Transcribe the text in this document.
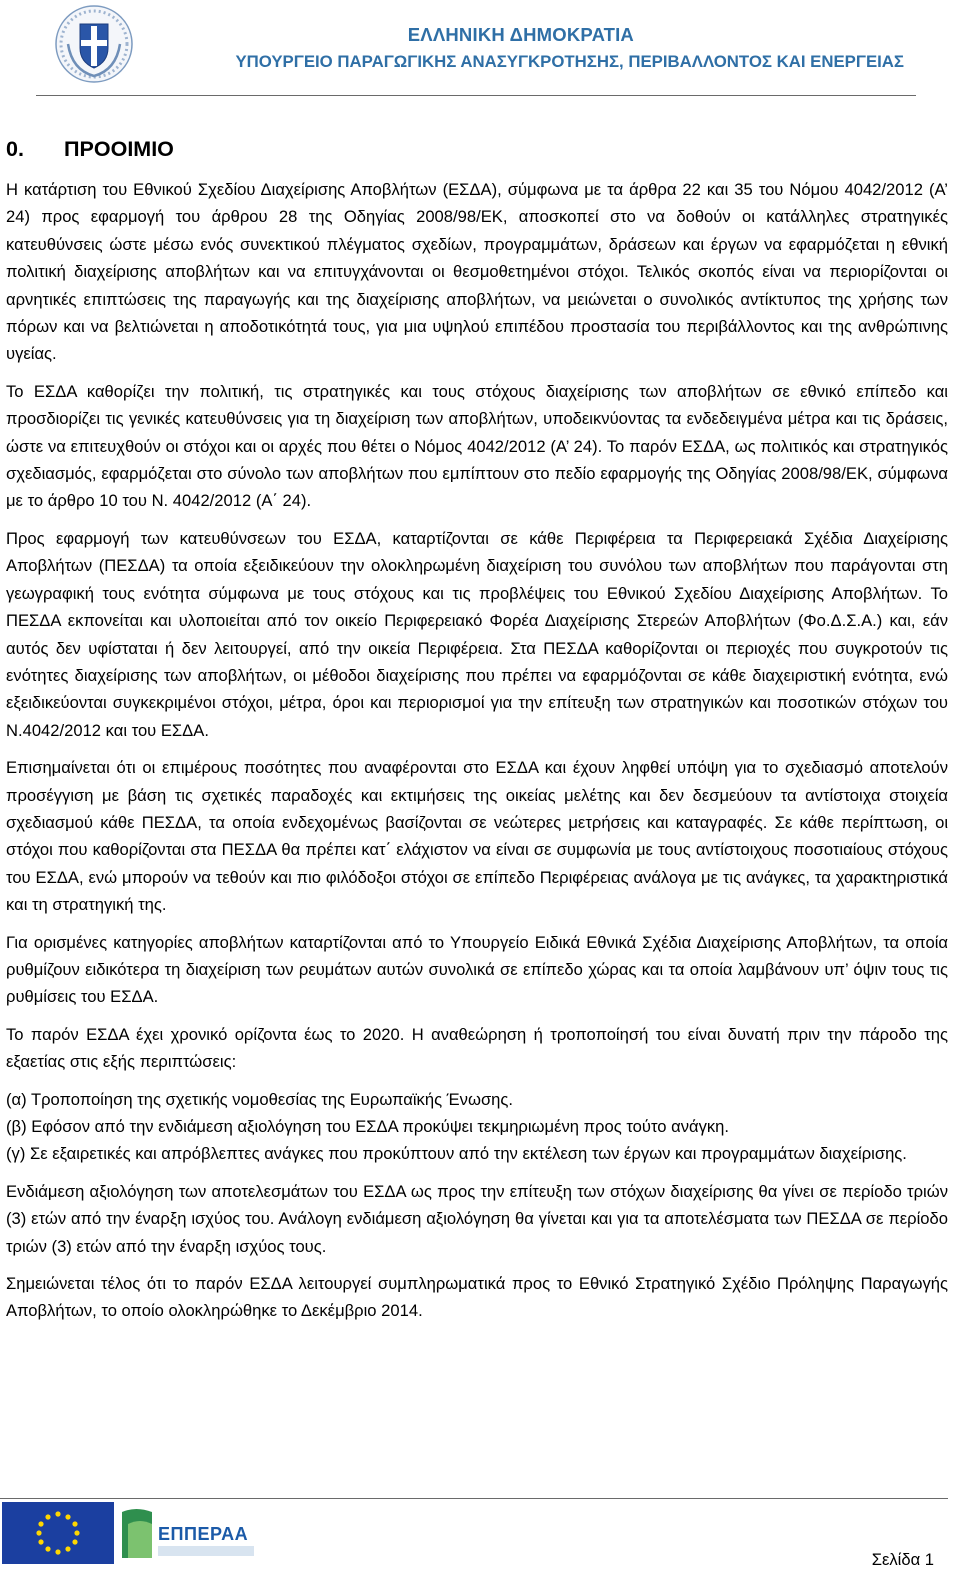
ΕΛΛΗΝΙΚΗ ΔΗΜΟΚΡΑΤΙΑ
ΥΠΟΥΡΓΕΙΟ ΠΑΡΑΓΩΓΙΚΗΣ ΑΝΑΣΥΓΚΡΟΤΗΣΗΣ, ΠΕΡΙΒΑΛΛΟΝΤΟΣ ΚΑΙ ΕΝΕΡΓΕΙΑΣ
0. ΠΡΟΟΙΜΙΟ

Η κατάρτιση του Εθνικού Σχεδίου Διαχείρισης Αποβλήτων (ΕΣΔΑ), σύμφωνα με τα άρθρα 22 και 35 του Νόμου 4042/2012 (Α’ 24) προς εφαρμογή του άρθρου 28 της Οδηγίας 2008/98/ΕΚ, αποσκοπεί στο να δοθούν οι κατάλληλες στρατηγικές κατευθύνσεις ώστε μέσω ενός συνεκτικού πλέγματος σχεδίων, προγραμμάτων, δράσεων και έργων να εφαρμόζεται η εθνική πολιτική διαχείρισης αποβλήτων και να επιτυγχάνονται οι θεσμοθετημένοι στόχοι. Τελικός σκοπός είναι να περιορίζονται οι αρνητικές επιπτώσεις της παραγωγής και της διαχείρισης αποβλήτων, να μειώνεται ο συνολικός αντίκτυπος της χρήσης των πόρων και να βελτιώνεται η αποδοτικότητά τους, για μια υψηλού επιπέδου προστασία του περιβάλλοντος και της ανθρώπινης υγείας.

Το ΕΣΔΑ καθορίζει την πολιτική, τις στρατηγικές και τους στόχους διαχείρισης των αποβλήτων σε εθνικό επίπεδο και προσδιορίζει τις γενικές κατευθύνσεις για τη διαχείριση των αποβλήτων, υποδεικνύοντας τα ενδεδειγμένα μέτρα και τις δράσεις, ώστε να επιτευχθούν οι στόχοι και οι αρχές που θέτει ο Νόμος 4042/2012 (Α’ 24). Το παρόν ΕΣΔΑ, ως πολιτικός και στρατηγικός σχεδιασμός, εφαρμόζεται στο σύνολο των αποβλήτων που εμπίπτουν στο πεδίο εφαρμογής της Οδηγίας 2008/98/ΕΚ, σύμφωνα με το άρθρο 10 του Ν. 4042/2012 (Α΄ 24).

Προς εφαρμογή των κατευθύνσεων του ΕΣΔΑ, καταρτίζονται σε κάθε Περιφέρεια τα Περιφερειακά Σχέδια Διαχείρισης Αποβλήτων (ΠΕΣΔΑ) τα οποία εξειδικεύουν την ολοκληρωμένη διαχείριση του συνόλου των αποβλήτων που παράγονται στη γεωγραφική τους ενότητα σύμφωνα με τους στόχους και τις προβλέψεις του Εθνικού Σχεδίου Διαχείρισης Αποβλήτων. Το ΠΕΣΔΑ εκπονείται και υλοποιείται από τον οικείο Περιφερειακό Φορέα Διαχείρισης Στερεών Αποβλήτων (Φο.Δ.Σ.Α.) και, εάν αυτός δεν υφίσταται ή δεν λειτουργεί, από την οικεία Περιφέρεια. Στα ΠΕΣΔΑ καθορίζονται οι περιοχές που συγκροτούν τις ενότητες διαχείρισης των αποβλήτων, οι μέθοδοι διαχείρισης που πρέπει να εφαρμόζονται σε κάθε διαχειριστική ενότητα, ενώ εξειδικεύονται συγκεκριμένοι στόχοι, μέτρα, όροι και περιορισμοί για την επίτευξη των στρατηγικών και ποσοτικών στόχων του Ν.4042/2012 και του ΕΣΔΑ.

Επισημαίνεται ότι οι επιμέρους ποσότητες που αναφέρονται στο ΕΣΔΑ και έχουν ληφθεί υπόψη για το σχεδιασμό αποτελούν προσέγγιση με βάση τις σχετικές παραδοχές και εκτιμήσεις της οικείας μελέτης και δεν δεσμεύουν τα αντίστοιχα στοιχεία σχεδιασμού κάθε ΠΕΣΔΑ, τα οποία ενδεχομένως βασίζονται σε νεώτερες μετρήσεις και καταγραφές. Σε κάθε περίπτωση, οι στόχοι που καθορίζονται στα ΠΕΣΔΑ θα πρέπει κατ΄ ελάχιστον να είναι σε συμφωνία με τους αντίστοιχους ποσοτιαίους στόχους του ΕΣΔΑ, ενώ μπορούν να τεθούν και πιο φιλόδοξοι στόχοι σε επίπεδο Περιφέρειας ανάλογα με τις ανάγκες, τα χαρακτηριστικά και τη στρατηγική της.

Για ορισμένες κατηγορίες αποβλήτων καταρτίζονται από το Υπουργείο Ειδικά Εθνικά Σχέδια Διαχείρισης Αποβλήτων, τα οποία ρυθμίζουν ειδικότερα τη διαχείριση των ρευμάτων αυτών συνολικά σε επίπεδο χώρας και τα οποία λαμβάνουν υπ’ όψιν τους τις ρυθμίσεις του ΕΣΔΑ.

Το παρόν ΕΣΔΑ έχει χρονικό ορίζοντα έως το 2020. Η αναθεώρηση ή τροποποίησή του είναι δυνατή πριν την πάροδο της εξαετίας στις εξής περιπτώσεις:

(α) Τροποποίηση της σχετικής νομοθεσίας της Ευρωπαϊκής Ένωσης.

(β) Εφόσον από την ενδιάμεση αξιολόγηση του ΕΣΔΑ προκύψει τεκμηριωμένη προς τούτο ανάγκη.

(γ) Σε εξαιρετικές και απρόβλεπτες ανάγκες που προκύπτουν από την εκτέλεση των έργων και προγραμμάτων διαχείρισης.

Ενδιάμεση αξιολόγηση των αποτελεσμάτων του ΕΣΔΑ ως προς την επίτευξη των στόχων διαχείρισης θα γίνει σε περίοδο τριών (3) ετών από την έναρξη ισχύος του. Ανάλογη ενδιάμεση αξιολόγηση θα γίνεται και για τα αποτελέσματα των ΠΕΣΔΑ σε περίοδο τριών (3) ετών από την έναρξη ισχύος τους.

Σημειώνεται τέλος ότι το παρόν ΕΣΔΑ λειτουργεί συμπληρωματικά προς το Εθνικό Στρατηγικό Σχέδιο Πρόληψης Παραγωγής Αποβλήτων, το οποίο ολοκληρώθηκε το Δεκέμβριο 2014.

ΕΠΠΕΡΑΑ
Σελίδα 1
